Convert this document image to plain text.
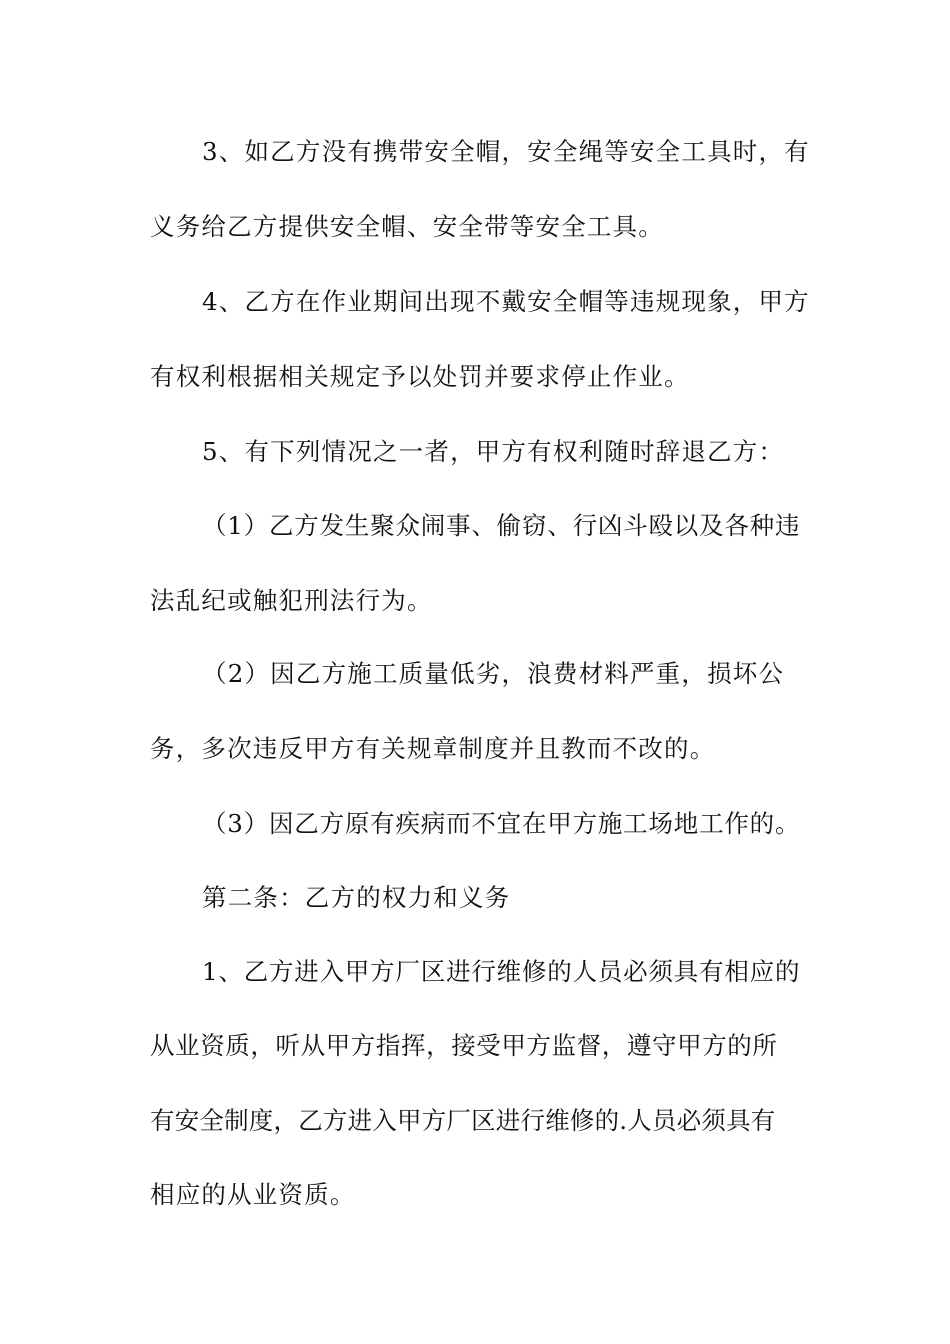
3、如乙方没有携带安全帽，安全绳等安全工具时，有
义务给乙方提供安全帽、安全带等安全工具。
4、乙方在作业期间出现不戴安全帽等违规现象，甲方
有权利根据相关规定予以处罚并要求停止作业。
5、有下列情况之一者，甲方有权利随时辞退乙方：
（1）乙方发生聚众闹事、偷窃、行凶斗殴以及各种违
法乱纪或触犯刑法行为。
（2）因乙方施工质量低劣，浪费材料严重，损坏公
务，多次违反甲方有关规章制度并且教而不改的。
（3）因乙方原有疾病而不宜在甲方施工场地工作的。
第二条：乙方的权力和义务
1、乙方进入甲方厂区进行维修的人员必须具有相应的
从业资质，听从甲方指挥，接受甲方监督，遵守甲方的所
有安全制度，乙方进入甲方厂区进行维修的.人员必须具有
相应的从业资质。
